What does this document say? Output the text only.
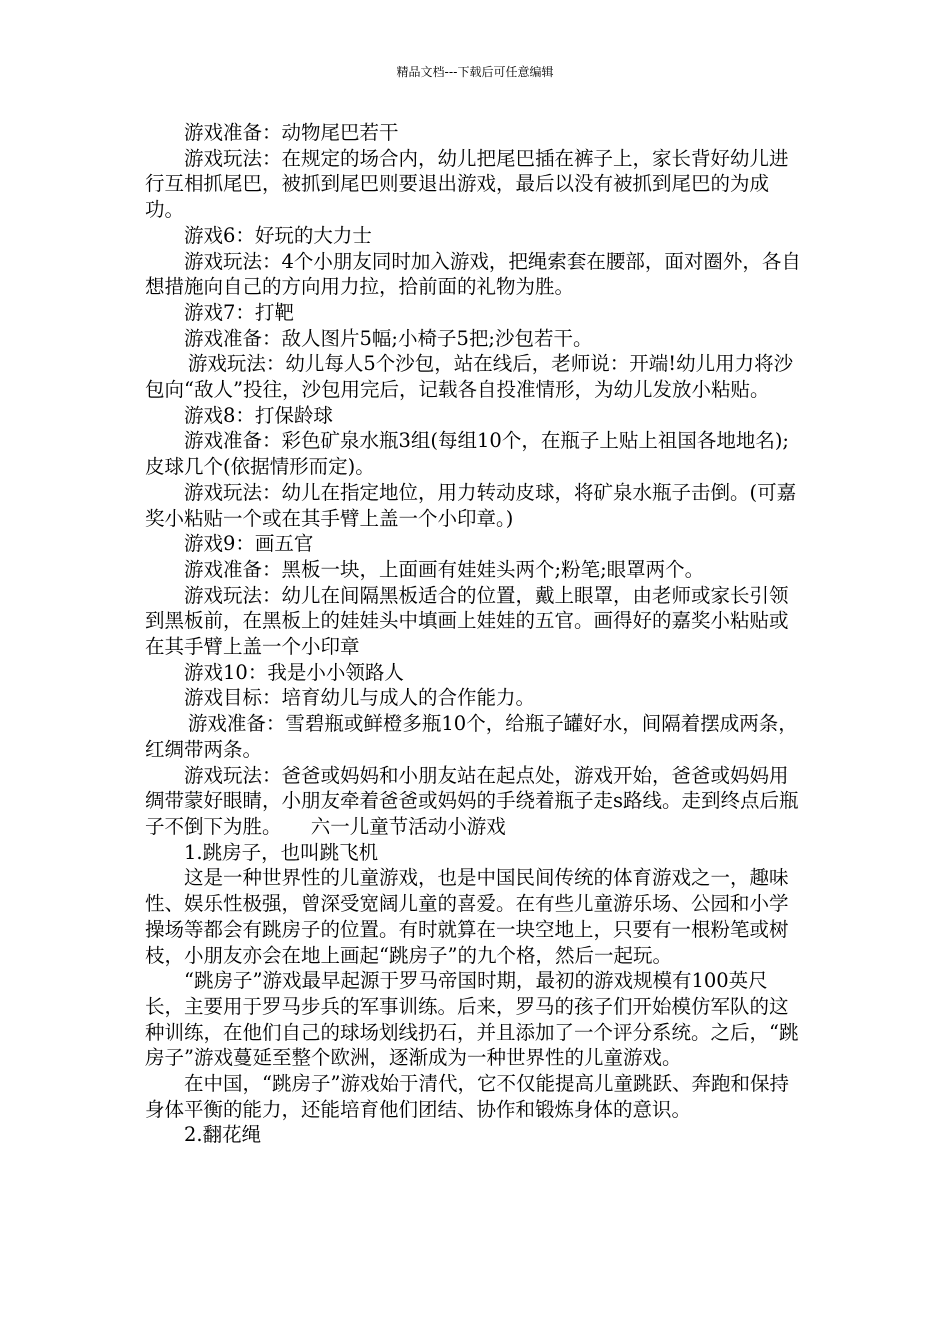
精品文档---下载后可任意编辑

游戏准备：动物尾巴若干

游戏玩法：在规定的场合内，幼儿把尾巴插在裤子上，家长背好幼儿进行互相抓尾巴，被抓到尾巴则要退出游戏，最后以没有被抓到尾巴的为成功。

游戏6：好玩的大力士

游戏玩法：4个小朋友同时加入游戏，把绳索套在腰部，面对圈外，各自想措施向自己的方向用力拉，拾前面的礼物为胜。

游戏7：打靶

游戏准备：敌人图片5幅;小椅子5把;沙包若干。

游戏玩法：幼儿每人5个沙包，站在线后，老师说：开端!幼儿用力将沙包向“敌人”投往，沙包用完后，记载各自投准情形，为幼儿发放小粘贴。

游戏8：打保龄球

游戏准备：彩色矿泉水瓶3组(每组10个，在瓶子上贴上祖国各地地名);皮球几个(依据情形而定)。

游戏玩法：幼儿在指定地位，用力转动皮球，将矿泉水瓶子击倒。(可嘉奖小粘贴一个或在其手臂上盖一个小印章。)

游戏9：画五官

游戏准备：黑板一块，上面画有娃娃头两个;粉笔;眼罩两个。

游戏玩法：幼儿在间隔黑板适合的位置，戴上眼罩，由老师或家长引领到黑板前，在黑板上的娃娃头中填画上娃娃的五官。画得好的嘉奖小粘贴或在其手臂上盖一个小印章

游戏10：我是小小领路人

游戏目标：培育幼儿与成人的合作能力。

游戏准备：雪碧瓶或鲜橙多瓶10个，给瓶子罐好水，间隔着摆成两条，红绸带两条。

游戏玩法：爸爸或妈妈和小朋友站在起点处，游戏开始，爸爸或妈妈用绸带蒙好眼睛，小朋友牵着爸爸或妈妈的手绕着瓶子走s路线。走到终点后瓶子不倒下为胜。　　六一儿童节活动小游戏

1.跳房子，也叫跳飞机

这是一种世界性的儿童游戏，也是中国民间传统的体育游戏之一，趣味性、娱乐性极强，曾深受宽阔儿童的喜爱。在有些儿童游乐场、公园和小学操场等都会有跳房子的位置。有时就算在一块空地上，只要有一根粉笔或树枝，小朋友亦会在地上画起“跳房子”的九个格，然后一起玩。

“跳房子”游戏最早起源于罗马帝国时期，最初的游戏规模有100英尺长，主要用于罗马步兵的军事训练。后来，罗马的孩子们开始模仿军队的这种训练，在他们自己的球场划线扔石，并且添加了一个评分系统。之后，“跳房子”游戏蔓延至整个欧洲，逐渐成为一种世界性的儿童游戏。

在中国，“跳房子”游戏始于清代，它不仅能提高儿童跳跃、奔跑和保持身体平衡的能力，还能培育他们团结、协作和锻炼身体的意识。

2.翻花绳
